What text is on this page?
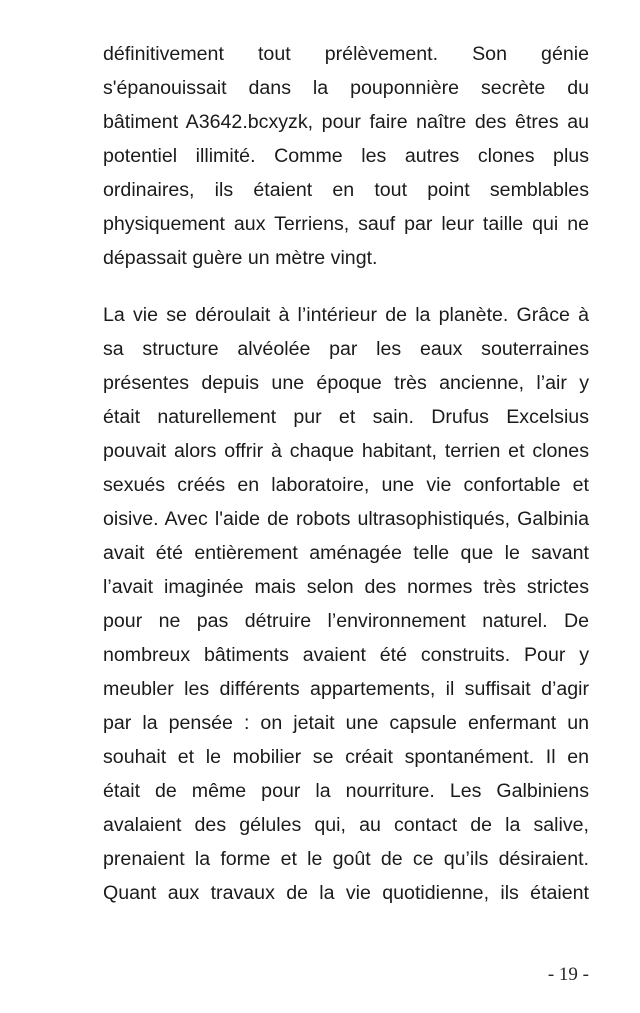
définitivement tout prélèvement. Son génie
s'épanouissait dans la pouponnière secrète du
bâtiment A3642.bcxyzk, pour faire naître des êtres au
potentiel illimité. Comme les autres clones plus
ordinaires, ils étaient en tout point semblables
physiquement aux Terriens, sauf par leur taille qui ne
dépassait guère un mètre vingt.
La vie se déroulait à l’intérieur de la planète. Grâce à
sa structure alvéolée par les eaux souterraines
présentes depuis une époque très ancienne, l’air y
était naturellement pur et sain. Drufus Excelsius
pouvait alors offrir à chaque habitant, terrien et clones
sexués créés en laboratoire, une vie confortable et
oisive. Avec l'aide de robots ultrasophistiqués, Galbinia
avait été entièrement aménagée telle que le savant
l’avait imaginée mais selon des normes très strictes
pour ne pas détruire l’environnement naturel. De
nombreux bâtiments avaient été construits. Pour y
meubler les différents appartements, il suffisait d’agir
par la pensée : on jetait une capsule enfermant un
souhait et le mobilier se créait spontanément. Il en
était de même pour la nourriture. Les Galbiniens
avalaient des gélules qui, au contact de la salive,
prenaient la forme et le goût de ce qu’ils désiraient.
Quant aux travaux de la vie quotidienne, ils étaient
- 19 -
